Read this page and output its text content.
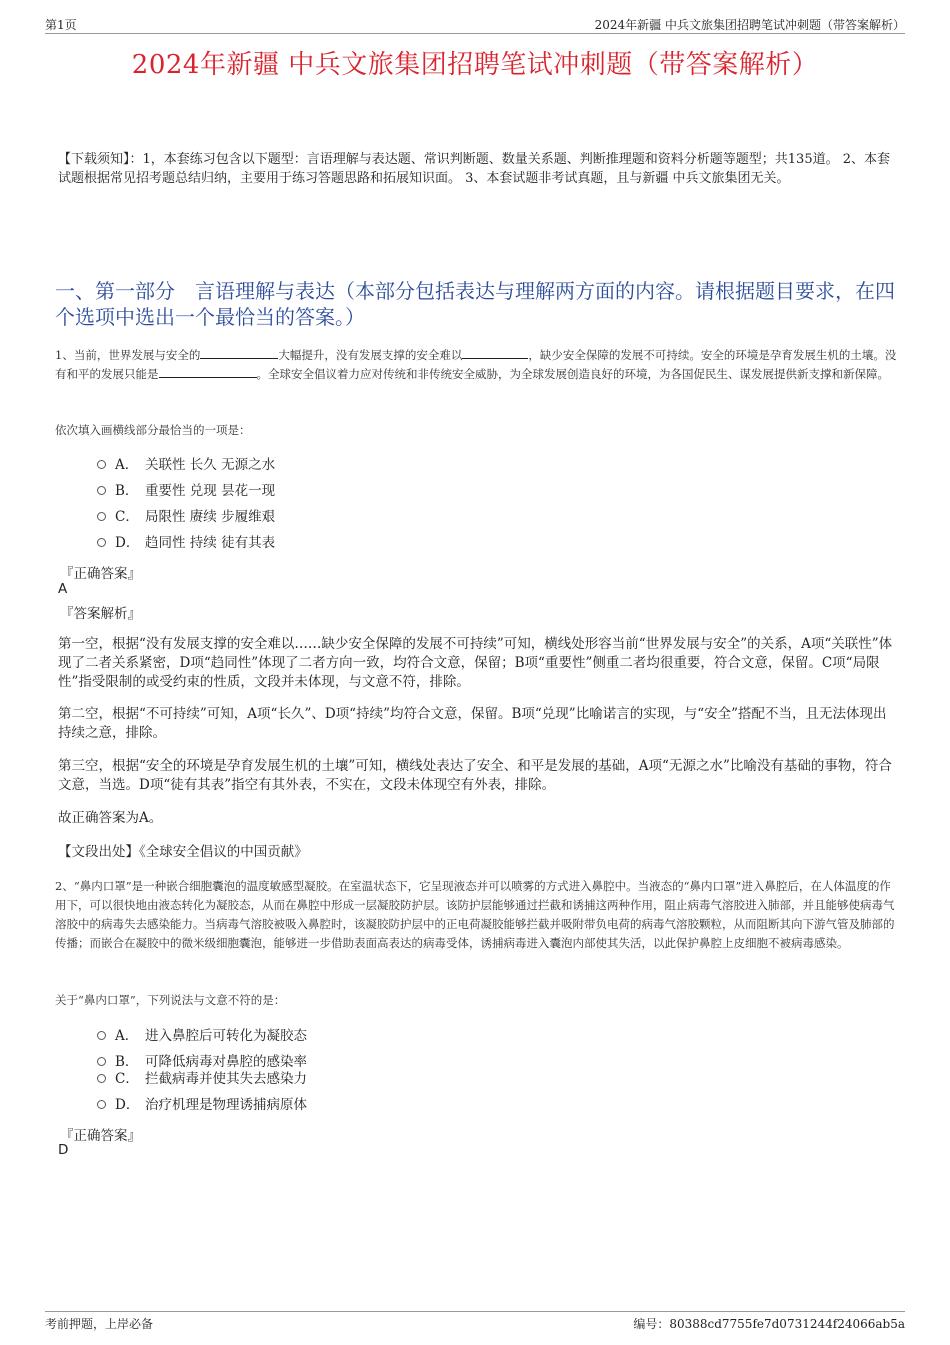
第1页	2024年新疆 中兵文旅集团招聘笔试冲刺题（带答案解析）
2024年新疆 中兵文旅集团招聘笔试冲刺题（带答案解析）
【下载须知】：1，本套练习包含以下题型：言语理解与表达题、常识判断题、数量关系题、判断推理题和资料分析题等题型；共135道。 2、本套试题根据常见招考题总结归纳，主要用于练习答题思路和拓展知识面。 3、本套试题非考试真题，且与新疆 中兵文旅集团无关。
一、第一部分　言语理解与表达（本部分包括表达与理解两方面的内容。请根据题目要求，在四个选项中选出一个最恰当的答案。）
1、当前，世界发展与安全的	大幅提升，没有发展支撑的安全难以	，缺少安全保障的发展不可持续。安全的环境是孕育发展生机的土壤。没有和平的发展只能是	。全球安全倡议着力应对传统和非传统安全威胁，为全球发展创造良好的环境，为各国促民生、谋发展提供新支撑和新保障。
依次填入画横线部分最恰当的一项是：
A． 关联性 长久 无源之水
B． 重要性 兑现 昙花一现
C． 局限性 赓续 步履维艰
D． 趋同性 持续 徒有其表
『正确答案』
A
『答案解析』
第一空，根据“没有发展支撑的安全难以……缺少安全保障的发展不可持续”可知，横线处形容当前“世界发展与安全”的关系，A项“关联性”体现了二者关系紧密，D项“趋同性”体现了二者方向一致，均符合文意，保留；B项“重要性”侧重二者均很重要，符合文意，保留。C项“局限性”指受限制的或受约束的性质，文段并未体现，与文意不符，排除。
第二空，根据“不可持续”可知，A项“长久”、D项“持续”均符合文意，保留。B项“兑现”比喻诺言的实现，与“安全”搭配不当，且无法体现出持续之意，排除。
第三空，根据“安全的环境是孕育发展生机的土壤”可知，横线处表达了安全、和平是发展的基础，A项“无源之水”比喻没有基础的事物，符合文意，当选。D项“徒有其表”指空有其外表，不实在，文段未体现空有外表，排除。
故正确答案为A。
【文段出处】《全球安全倡议的中国贡献》
2、“鼻内口罩”是一种嵌合细胞囊泡的温度敏感型凝胶。在室温状态下，它呈现液态并可以喷雾的方式进入鼻腔中。当液态的“鼻内口罩”进入鼻腔后，在人体温度的作用下，可以很快地由液态转化为凝胶态，从而在鼻腔中形成一层凝胶防护层。该防护层能够通过拦截和诱捕这两种作用，阻止病毒气溶胶进入肺部，并且能够使病毒气溶胶中的病毒失去感染能力。当病毒气溶胶被吸入鼻腔时，该凝胶防护层中的正电荷凝胶能够拦截并吸附带负电荷的病毒气溶胶颗粒，从而阻断其向下游气管及肺部的传播；而嵌合在凝胶中的微米级细胞囊泡，能够进一步借助表面高表达的病毒受体，诱捕病毒进入囊泡内部使其失活，以此保护鼻腔上皮细胞不被病毒感染。
关于“鼻内口罩”，下列说法与文意不符的是：
A． 进入鼻腔后可转化为凝胶态
B． 可降低病毒对鼻腔的感染率
C． 拦截病毒并使其失去感染力
D． 治疗机理是物理诱捕病原体
『正确答案』
D
考前押题，上岸必备	编号：80388cd7755fe7d0731244f24066ab5a
